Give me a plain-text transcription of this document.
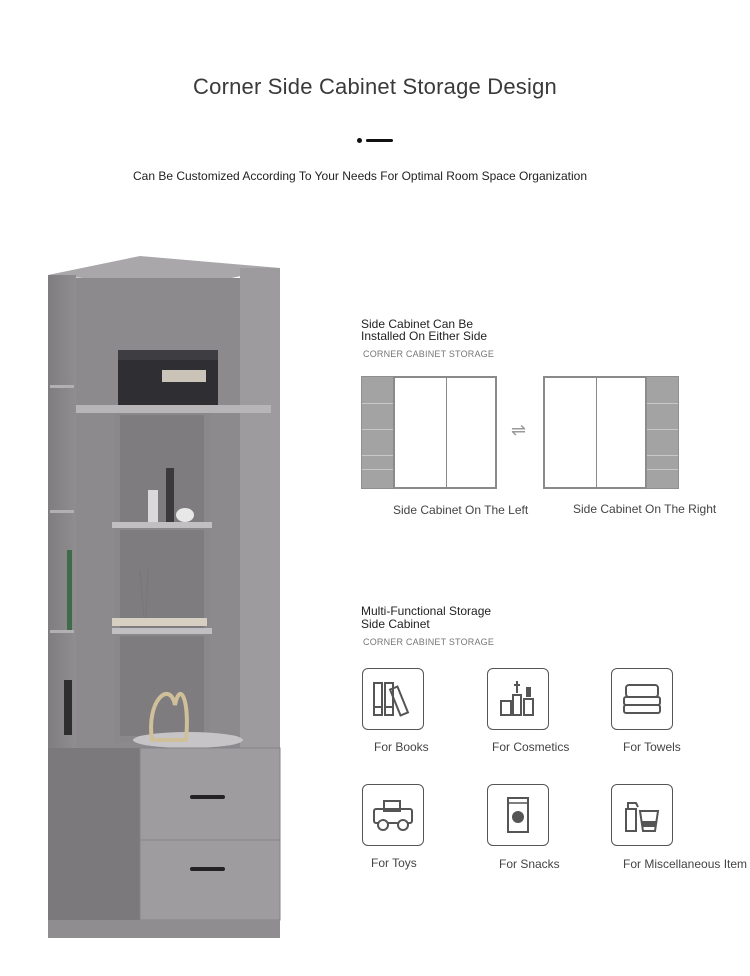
Corner Side Cabinet Storage Design
Can Be Customized According To Your Needs For Optimal Room Space Organization
Side Cabinet Can Be
Installed On Either Side
CORNER CABINET STORAGE
⇌
Side Cabinet On The Left	Side Cabinet On The Right
Multi-Functional Storage
Side Cabinet
CORNER CABINET STORAGE
For Books	For Cosmetics	For Towels
For Toys	For Snacks	For Miscellaneous Item
